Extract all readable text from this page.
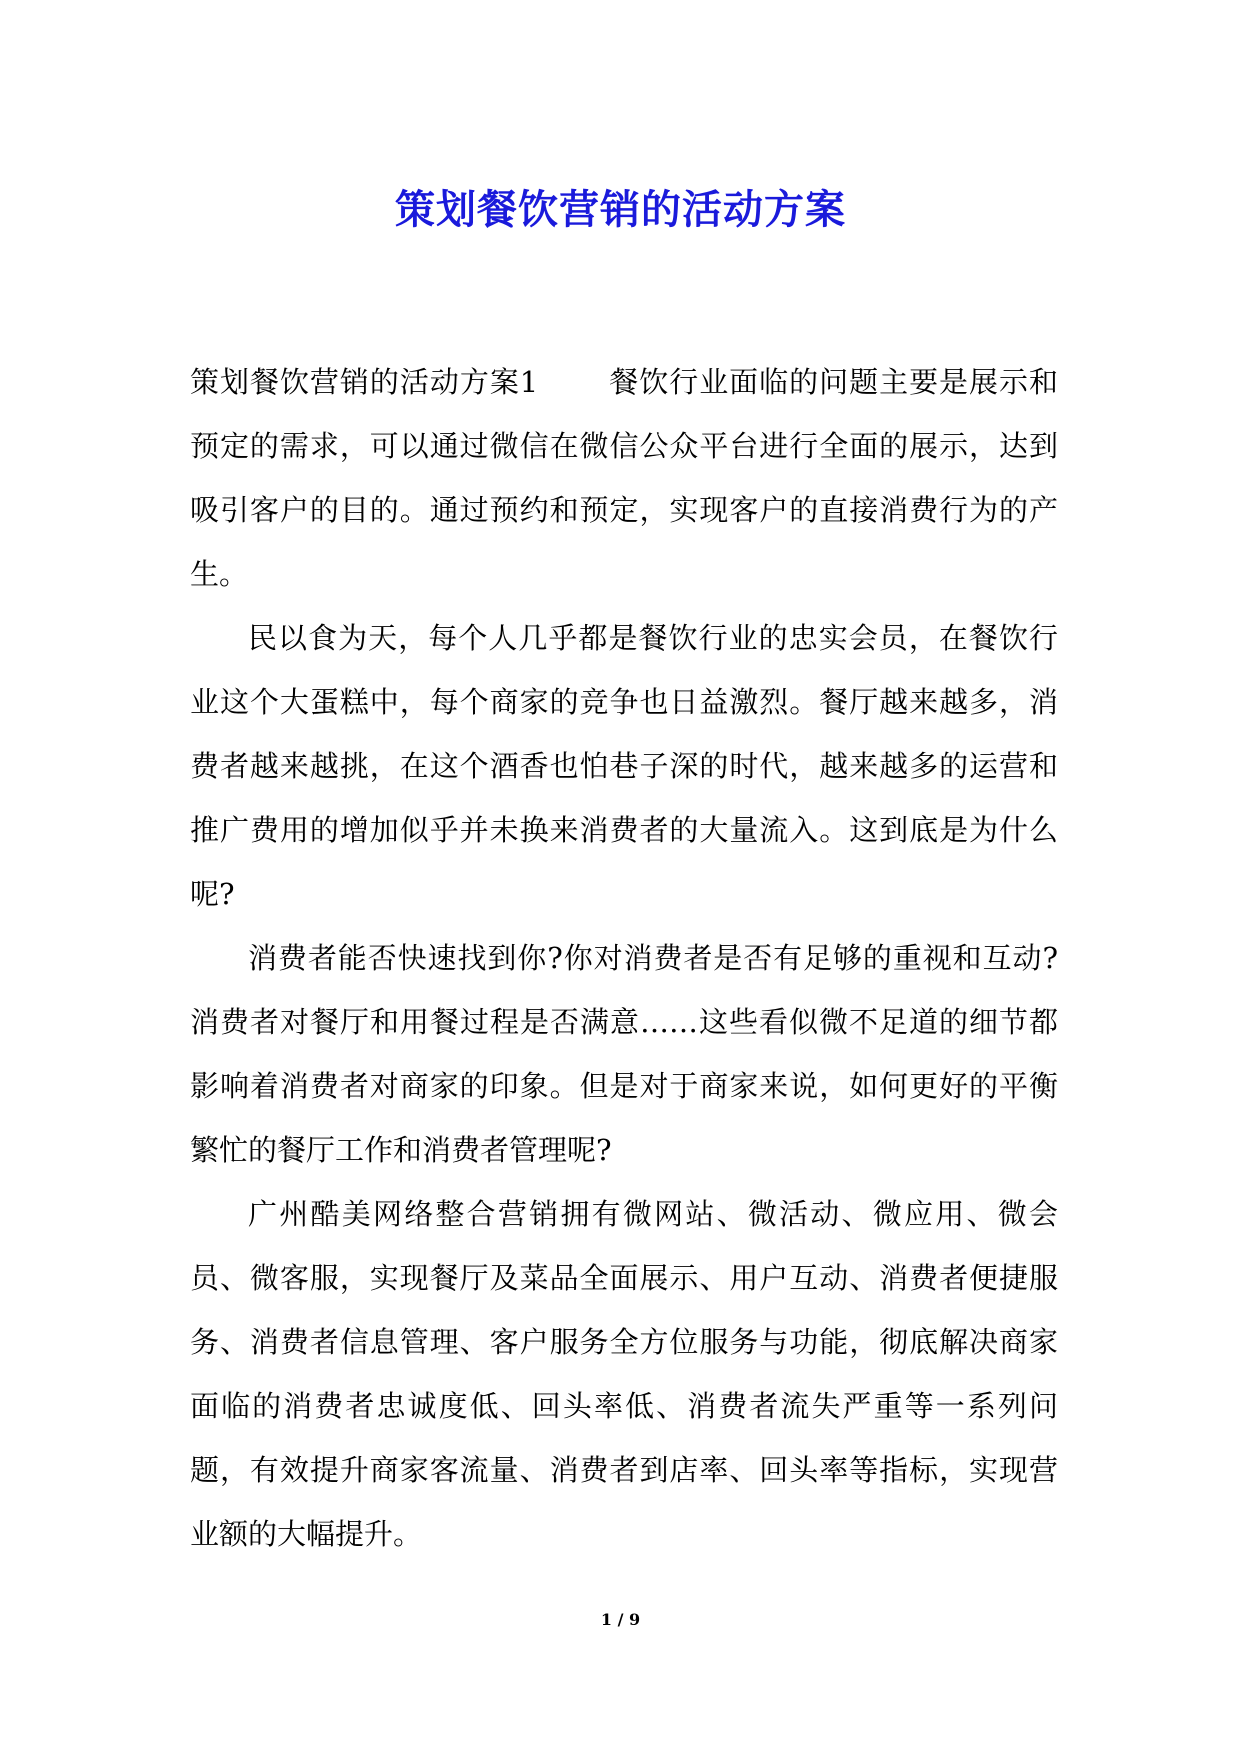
策划餐饮营销的活动方案

策划餐饮营销的活动方案1 餐饮行业面临的问题主要是展示和预定的需求，可以通过微信在微信公众平台进行全面的展示，达到吸引客户的目的。通过预约和预定，实现客户的直接消费行为的产生。

民以食为天，每个人几乎都是餐饮行业的忠实会员，在餐饮行业这个大蛋糕中，每个商家的竞争也日益激烈。餐厅越来越多，消费者越来越挑，在这个酒香也怕巷子深的时代，越来越多的运营和推广费用的增加似乎并未换来消费者的大量流入。这到底是为什么呢?

消费者能否快速找到你?你对消费者是否有足够的重视和互动?消费者对餐厅和用餐过程是否满意……这些看似微不足道的细节都影响着消费者对商家的印象。但是对于商家来说，如何更好的平衡繁忙的餐厅工作和消费者管理呢?

广州酷美网络整合营销拥有微网站、微活动、微应用、微会员、微客服，实现餐厅及菜品全面展示、用户互动、消费者便捷服务、消费者信息管理、客户服务全方位服务与功能，彻底解决商家面临的消费者忠诚度低、回头率低、消费者流失严重等一系列问题，有效提升商家客流量、消费者到店率、回头率等指标，实现营业额的大幅提升。

1 / 9
